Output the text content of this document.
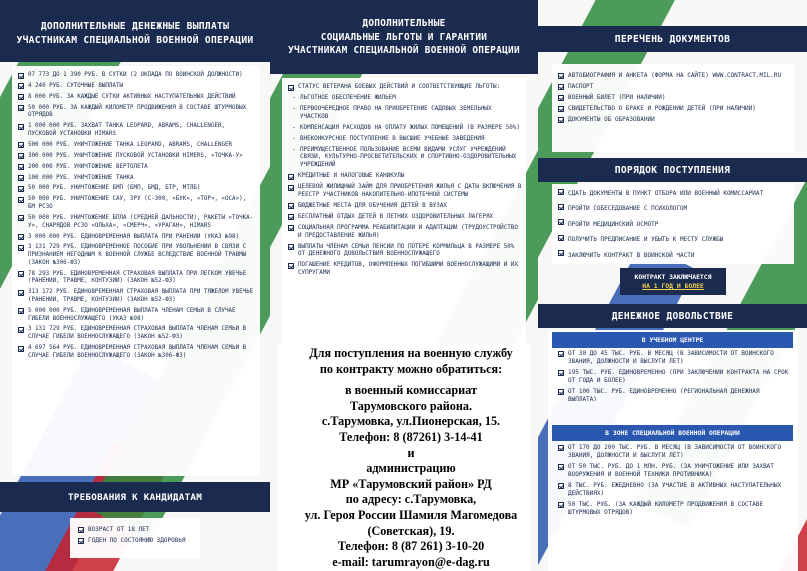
ДОПОЛНИТЕЛЬНЫЕ ДЕНЕЖНЫЕ ВЫПЛАТЫ
УЧАСТНИКАМ СПЕЦИАЛЬНОЙ ВОЕННОЙ ОПЕРАЦИИ
07 773 ДО 1 390 РУБ. В СУТКИ (2 ОКЛАДА ПО ВОИНСКОЙ ДОЛЖНОСТИ)
4 240 РУБ. СУТОЧНЫЕ ВЫПЛАТЫ
8 000 РУБ. ЗА КАЖДЫЕ СУТКИ АКТИВНЫХ НАСТУПАТЕЛЬНЫХ ДЕЙСТВИЙ
50 000 РУБ. ЗА КАЖДЫЙ КИЛОМЕТР ПРОДВИЖЕНИЯ В СОСТАВЕ ШТУРМОВЫХ ОТРЯДОВ
1 000 000 РУБ. ЗАХВАТ ТАНКА LEOPARD, ABRAMS, CHALLENGER, ПУСКОВОЙ УСТАНОВКИ HIMARS
500 000 РУБ. УНИЧТОЖЕНИЕ ТАНКА LEOPARD, ABRAMS, CHALLENGER
300 000 РУБ. УНИЧТОЖЕНИЕ ПУСКОВОЙ УСТАНОВКИ HIMERS, «ТОЧКА-У»
200 000 РУБ. УНИЧТОЖЕНИЕ ВЕРТОЛЕТА
100 000 РУБ. УНИЧТОЖЕНИЕ ТАНКА
50 000 РУБ. УНИЧТОЖЕНИЕ БМП (БМП, БМД, БТР, МТЛБ)
50 000 РУБ. УНИЧТОЖЕНИЕ САУ, ЗРУ (С-300, «БУК», «ТОР», «ОСА»), БМ РСЗО
50 000 РУБ. УНИЧТОЖЕНИЕ БПЛА (СРЕДНЕЙ ДАЛЬНОСТИ), РАКЕТЫ «ТОЧКА-У», СНАРЯДОВ РСЗО «ОЛЬХА», «СМЕРЧ», «УРАГАН», HIMARS
3 000 000 РУБ. ЕДИНОВРЕМЕННАЯ ВЫПЛАТА ПРИ РАНЕНИИ (УКАЗ №98)
3 131 729 РУБ. ЕДИНОВРЕМЕННОЕ ПОСОБИЕ ПРИ УВОЛЬНЕНИИ В СВЯЗИ С ПРИЗНАНИЕМ НЕГОДНЫМ К ВОЕННОЙ СЛУЖБЕ ВСЛЕДСТВИЕ ВОЕННОЙ ТРАВМЫ (ЗАКОН №306-ФЗ)
78 293 РУБ. ЕДИНОВРЕМЕННАЯ СТРАХОВАЯ ВЫПЛАТА ПРИ ЛЕГКОМ УВЕЧЬЕ (РАНЕНИИ, ТРАВМЕ, КОНТУЗИИ) (ЗАКОН №52-ФЗ)
313 172 РУБ. ЕДИНОВРЕМЕННАЯ СТРАХОВАЯ ВЫПЛАТА ПРИ ТЯЖЕЛОМ УВЕЧЬЕ (РАНЕНИИ, ТРАВМЕ, КОНТУЗИИ) (ЗАКОН №52-ФЗ)
5 000 000 РУБ. ЕДИНОВРЕМЕННАЯ ВЫПЛАТА ЧЛЕНАМ СЕМЬИ В СЛУЧАЕ ГИБЕЛИ ВОЕННОСЛУЖАЩЕГО (УКАЗ №98)
3 131 729 РУБ. ЕДИНОВРЕМЕННАЯ СТРАХОВАЯ ВЫПЛАТА ЧЛЕНАМ СЕМЬИ В СЛУЧАЕ ГИБЕЛИ ВОЕННОСЛУЖАЩЕГО (ЗАКОН №52-ФЗ)
4 697 564 РУБ. ЕДИНОВРЕМЕННАЯ СТРАХОВАЯ ВЫПЛАТА ЧЛЕНАМ СЕМЬИ В СЛУЧАЕ ГИБЕЛИ ВОЕННОСЛУЖАЩЕГО (ЗАКОН №306-ФЗ)
ТРЕБОВАНИЯ К КАНДИДАТАМ
ВОЗРАСТ ОТ 18 ЛЕТ
ГОДЕН ПО СОСТОЯНИЮ ЗДОРОВЬЯ
ДОПОЛНИТЕЛЬНЫЕ
СОЦИАЛЬНЫЕ ЛЬГОТЫ И ГАРАНТИИ
УЧАСТНИКАМ СПЕЦИАЛЬНОЙ ВОЕННОЙ ОПЕРАЦИИ
СТАТУС ВЕТЕРАНА БОЕВЫХ ДЕЙСТВИЙ И СООТВЕТСТВУЮЩИЕ ЛЬГОТЫ:
- ЛЬГОТНОЕ ОБЕСПЕЧЕНИЕ ЖИЛЬЕМ
- ПЕРВООЧЕРЕДНОЕ ПРАВО НА ПРИОБРЕТЕНИЕ САДОВЫХ ЗЕМЕЛЬНЫХ УЧАСТКОВ
- КОМПЕНСАЦИЯ РАСХОДОВ НА ОПЛАТУ ЖИЛЫХ ПОМЕЩЕНИЙ (В РАЗМЕРЕ 50%)
- ВНЕКОНКУРСНОЕ ПОСТУПЛЕНИЕ В ВЫСШИЕ УЧЕБНЫЕ ЗАВЕДЕНИЯ
- ПРЕИМУЩЕСТВЕННОЕ ПОЛЬЗОВАНИЕ ВСЕМИ ВИДАМИ УСЛУГ УЧРЕЖДЕНИЙ СВЯЗИ, КУЛЬТУРНО-ПРОСВЕТИТЕЛЬСКИХ И СПОРТИВНО-ОЗДОРОВИТЕЛЬНЫХ УЧРЕЖДЕНИЙ
КРЕДИТНЫЕ И НАЛОГОВЫЕ КАНИКУЛЫ
ЦЕЛЕВОЙ ЖИЛИЩНЫЙ ЗАЙМ ДЛЯ ПРИОБРЕТЕНИЯ ЖИЛЬЯ С ДАТЫ ВКЛЮЧЕНИЯ В РЕЕСТР УЧАСТНИКОВ НАКОПИТЕЛЬНО-ИПОТЕЧНОЙ СИСТЕМЫ
БЮДЖЕТНЫЕ МЕСТА ДЛЯ ОБУЧЕНИЯ ДЕТЕЙ В ВУЗАХ
БЕСПЛАТНЫЙ ОТДЫХ ДЕТЕЙ В ЛЕТНИХ ОЗДОРОВИТЕЛЬНЫХ ЛАГЕРЯХ
СОЦИАЛЬНАЯ ПРОГРАММА РЕАБИЛИТАЦИИ И АДАПТАЦИИ (ТРУДОУСТРОЙСТВО И ПРЕДОСТАВЛЕНИЕ ЖИЛЬЯ)
ВЫПЛАТЫ ЧЛЕНАМ СЕМЬИ ПЕНСИИ ПО ПОТЕРЕ КОРМИЛЬЦА В РАЗМЕРЕ 50% ОТ ДЕНЕЖНОГО ДОВОЛЬСТВИЯ ВОЕННОСЛУЖАЩЕГО
ПОГАШЕНИЕ КРЕДИТОВ, ОФОРМЛЕННЫХ ПОГИБШИМИ ВОЕННОСЛУЖАЩИМИ И ИХ СУПРУГАМИ
Для поступления на военную службу
по контракту можно обратиться:
в военный комиссариат
Тарумовского района.
с.Тарумовка, ул.Пионерская, 15.
Телефон: 8 (87261) 3-14-41
и
администрацию
МР «Тарумовский район» РД
по адресу: с.Тарумовка,
ул. Героя России Шамиля Магомедова
(Советская), 19.
Телефон: 8 (87 261) 3-10-20
e-mail: tarumrayon@e-dag.ru
ПЕРЕЧЕНЬ ДОКУМЕНТОВ
АВТОБИОГРАФИЯ И АНКЕТА (ФОРМА НА САЙТЕ) WWW.CONTRACT.MIL.RU
ПАСПОРТ
ВОЕННЫЙ БИЛЕТ (ПРИ НАЛИЧИИ)
СВИДЕТЕЛЬСТВО О БРАКЕ И РОЖДЕНИИ ДЕТЕЙ (ПРИ НАЛИЧИИ)
ДОКУМЕНТЫ ОБ ОБРАЗОВАНИИ
ПОРЯДОК ПОСТУПЛЕНИЯ
СДАТЬ ДОКУМЕНТЫ В ПУНКТ ОТБОРА ИЛИ ВОЕННЫЙ КОМИССАРИАТ
ПРОЙТИ СОБЕСЕДОВАНИЕ С ПСИХОЛОГОМ
ПРОЙТИ МЕДИЦИНСКИЙ ОСМОТР
ПОЛУЧИТЬ ПРЕДПИСАНИЕ И УБЫТЬ К МЕСТУ СЛУЖБЫ
ЗАКЛЮЧИТЬ КОНТРАКТ В ВОИНСКОЙ ЧАСТИ
КОНТРАКТ ЗАКЛЮЧАЕТСЯ
НА 1 ГОД И БОЛЕЕ
ДЕНЕЖНОЕ ДОВОЛЬСТВИЕ
В УЧЕБНОМ ЦЕНТРЕ
ОТ 30 ДО 45 ТЫС. РУБ. В МЕСЯЦ (В ЗАВИСИМОСТИ ОТ ВОИНСКОГО ЗВАНИЯ, ДОЛЖНОСТИ И ВЫСЛУГИ ЛЕТ)
195 ТЫС. РУБ. ЕДИНОВРЕМЕННО (ПРИ ЗАКЛЮЧЕНИИ КОНТРАКТА НА СРОК ОТ ГОДА И БОЛЕЕ)
ОТ 100 ТЫС. РУБ. ЕДИНОВРЕМЕННО (РЕГИОНАЛЬНАЯ ДЕНЕЖНАЯ ВЫПЛАТА)
В ЗОНЕ СПЕЦИАЛЬНОЙ ВОЕННОЙ ОПЕРАЦИИ
ОТ 170 ДО 200 ТЫС. РУБ. В МЕСЯЦ (В ЗАВИСИМОСТИ ОТ ВОИНСКОГО ЗВАНИЯ, ДОЛЖНОСТИ И ВЫСЛУГИ ЛЕТ)
ОТ 50 ТЫС. РУБ. ДО 1 МЛН. РУБ. (ЗА УНИЧТОЖЕНИЕ ИЛИ ЗАХВАТ ВООРУЖЕНИЯ И ВОЕННОЙ ТЕХНИКИ ПРОТИВНИКА)
8 ТЫС. РУБ. ЕЖЕДНЕВНО (ЗА УЧАСТИЕ В АКТИВНЫХ НАСТУПАТЕЛЬНЫХ ДЕЙСТВИЯХ)
50 ТЫС. РУБ. (ЗА КАЖДЫЙ КИЛОМЕТР ПРОДВИЖЕНИЯ В СОСТАВЕ ШТУРМОВЫХ ОТРЯДОВ)
